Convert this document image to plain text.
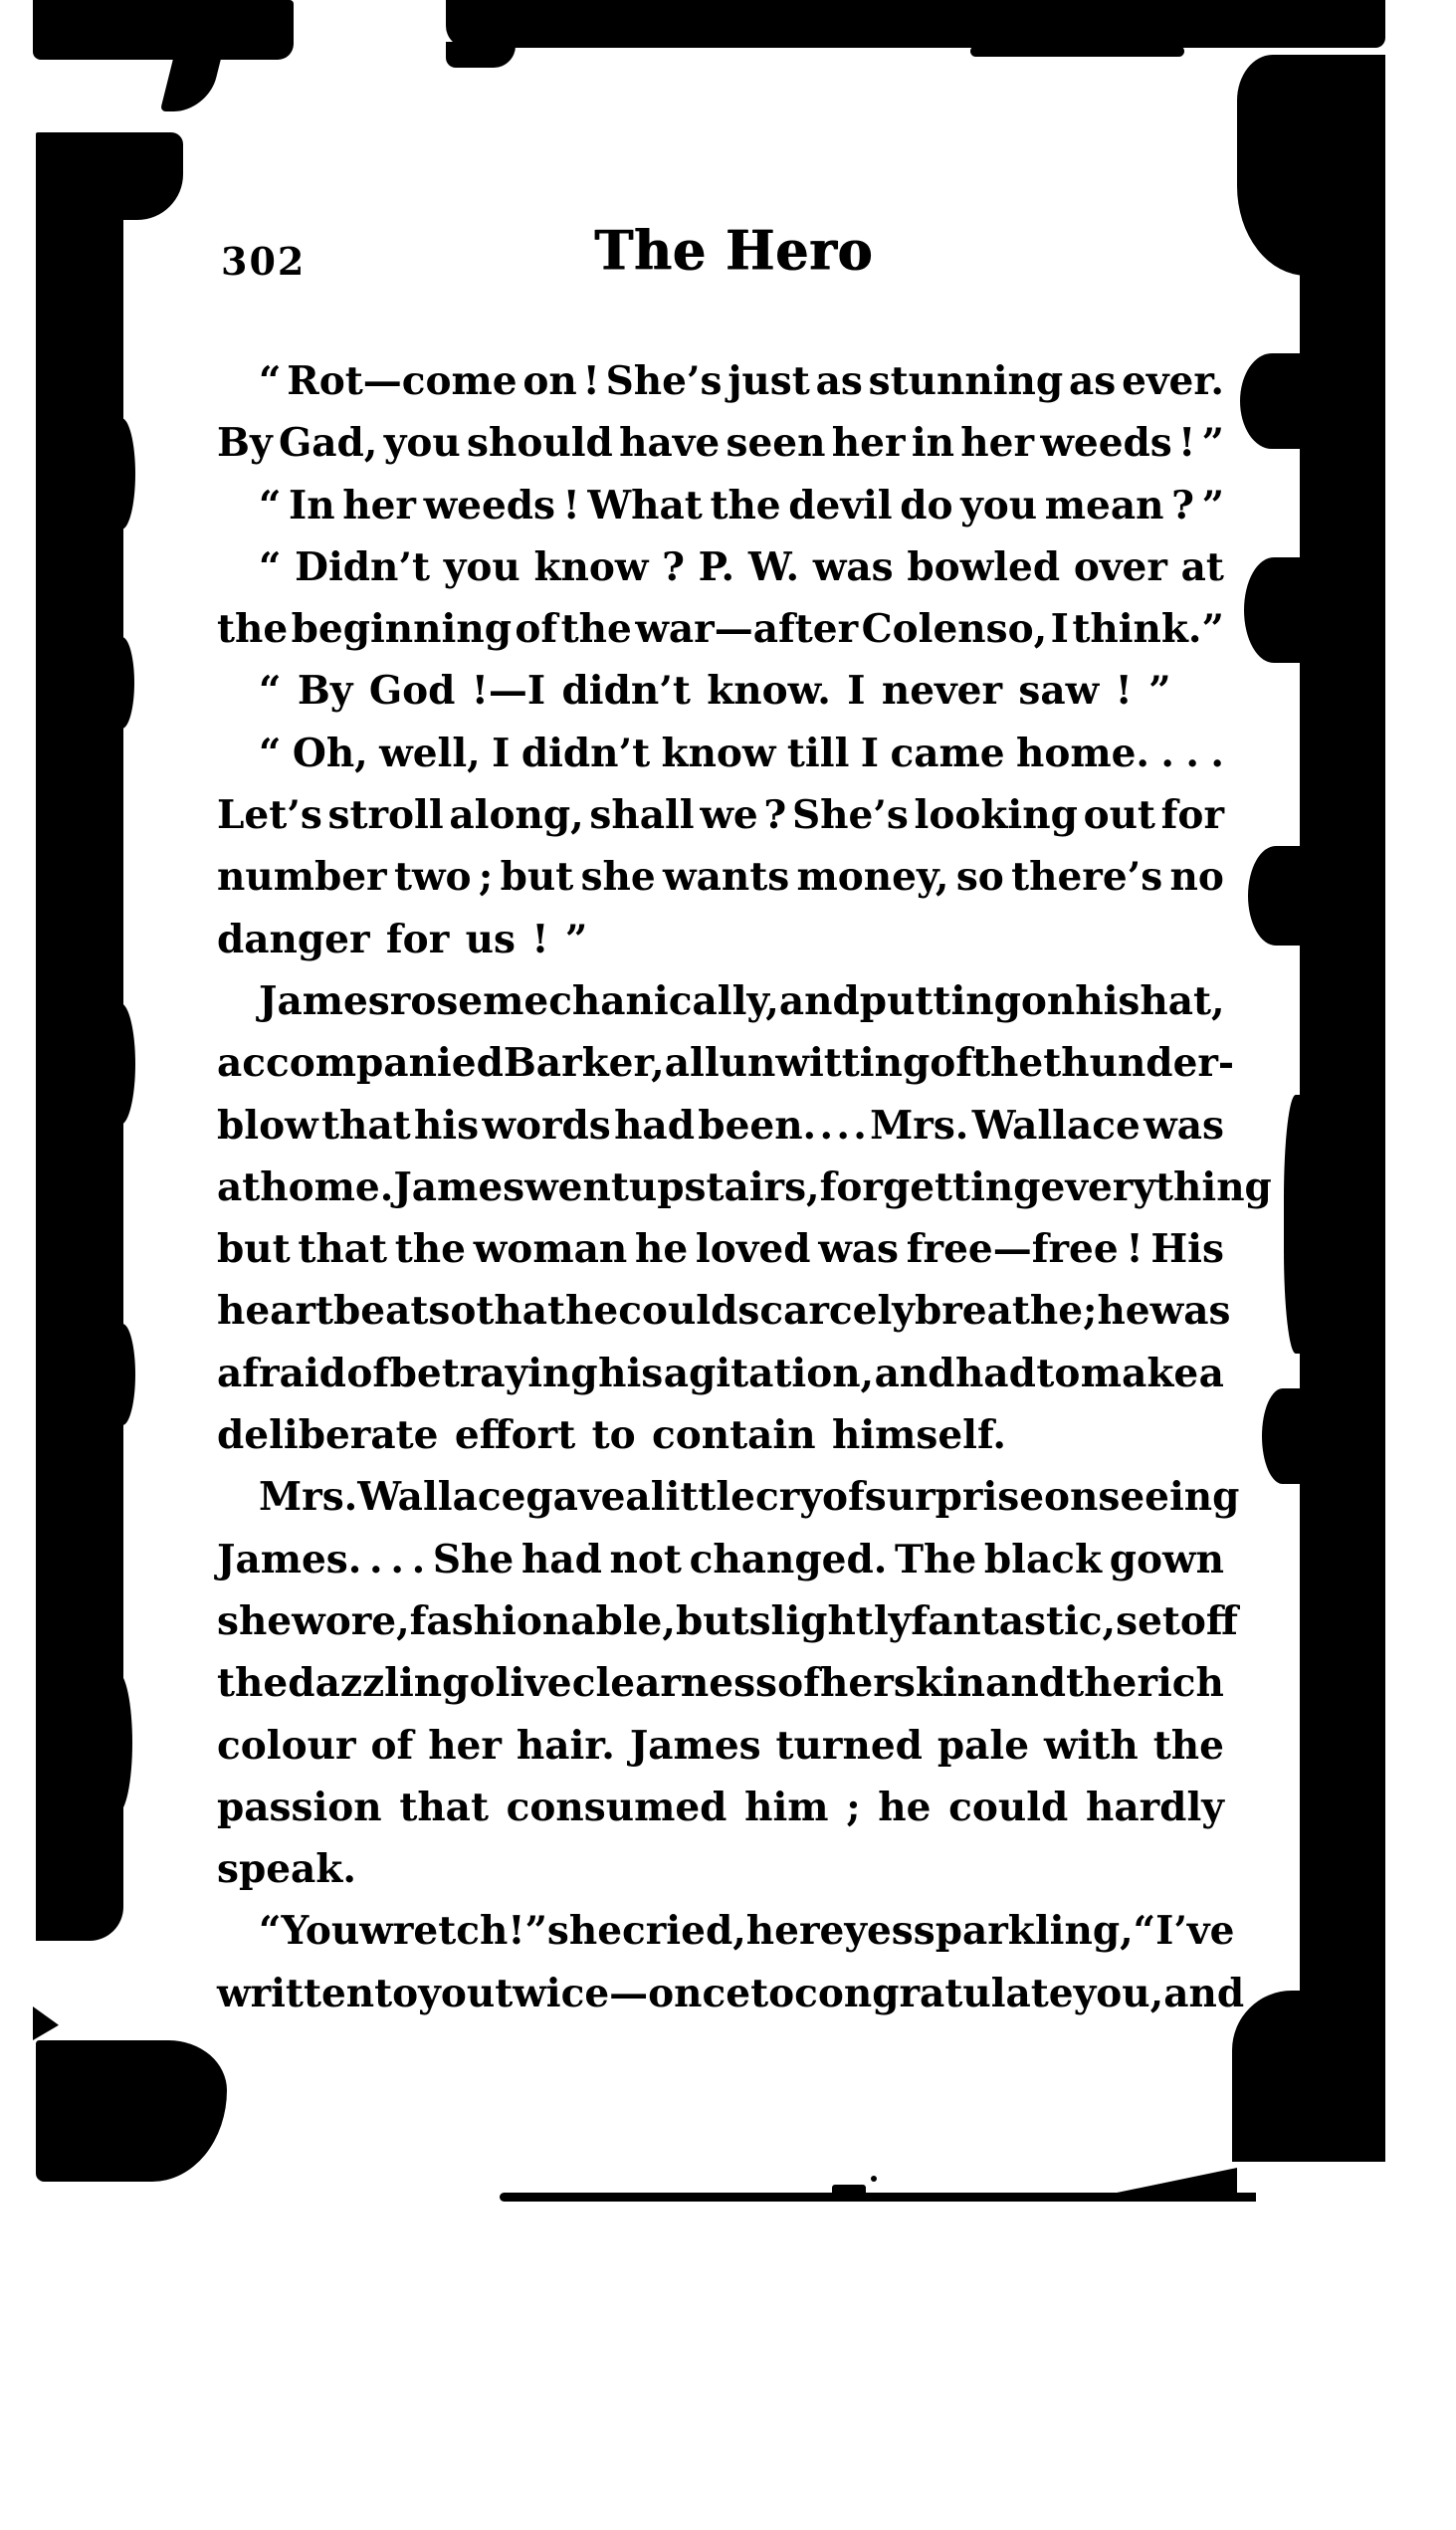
302	The Hero
“ Rot—come on ! She’s just as stunning as ever.
By Gad, you should have seen her in her weeds ! ”
“ In her weeds ! What the devil do you mean ? ”
“ Didn’t you know ? P. W. was bowled over at
the beginning of the war—after Colenso, I think.”
“ By God !—I didn’t know. I never saw ! ”
“ Oh, well, I didn’t know till I came home. . . .
Let’s stroll along, shall we ? She’s looking out for
number two ; but she wants money, so there’s no
danger for us ! ”
James rose mechanically, and putting on his hat,
accompanied Barker, all unwitting of the thunder-
blow that his words had been. . . . Mrs. Wallace was
at home. James went upstairs, forgetting everything
but that the woman he loved was free—free ! His
heart beat so that he could scarcely breathe ; he was
afraid of betraying his agitation, and had to make a
deliberate effort to contain himself.
Mrs. Wallace gave a little cry of surprise on seeing
James. . . . She had not changed. The black gown
she wore, fashionable, but slightly fantastic, set off
the dazzling olive clearness of her skin and the rich
colour of her hair. James turned pale with the
passion that consumed him ; he could hardly
speak.
“ You wretch ! ” she cried, her eyes sparkling, “ I’ve
written to you twice—once to congratulate you, and
